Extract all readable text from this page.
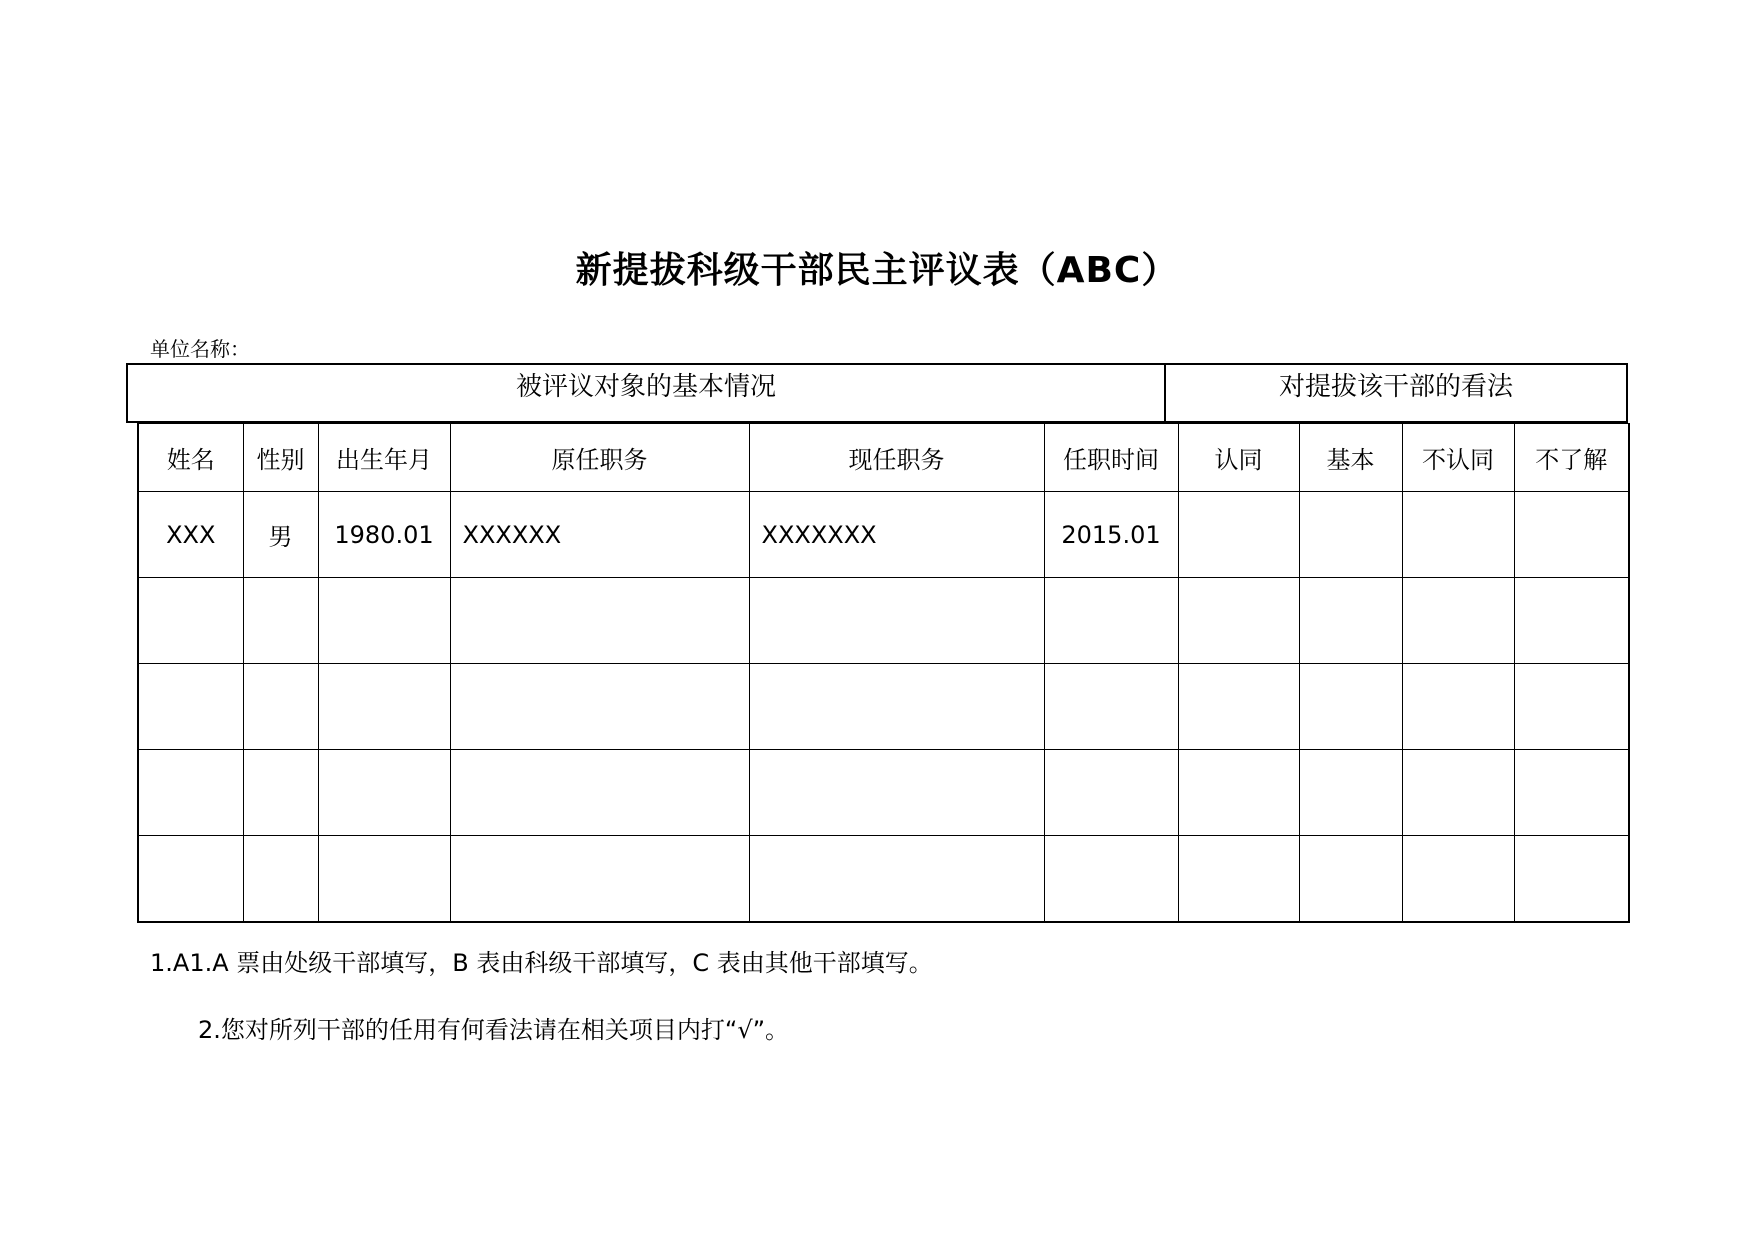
新提拔科级干部民主评议表（ABC）
单位名称：
被评议对象的基本情况	对提拔该干部的看法
姓名	性别	出生年月	原任职务	现任职务	任职时间	认同	基本	不认同	不了解
XXX	男	1980.01	XXXXXX	XXXXXXX	2015.01				

1.A1.A 票由处级干部填写，B 表由科级干部填写，C 表由其他干部填写。
2.您对所列干部的任用有何看法请在相关项目内打“√”。
